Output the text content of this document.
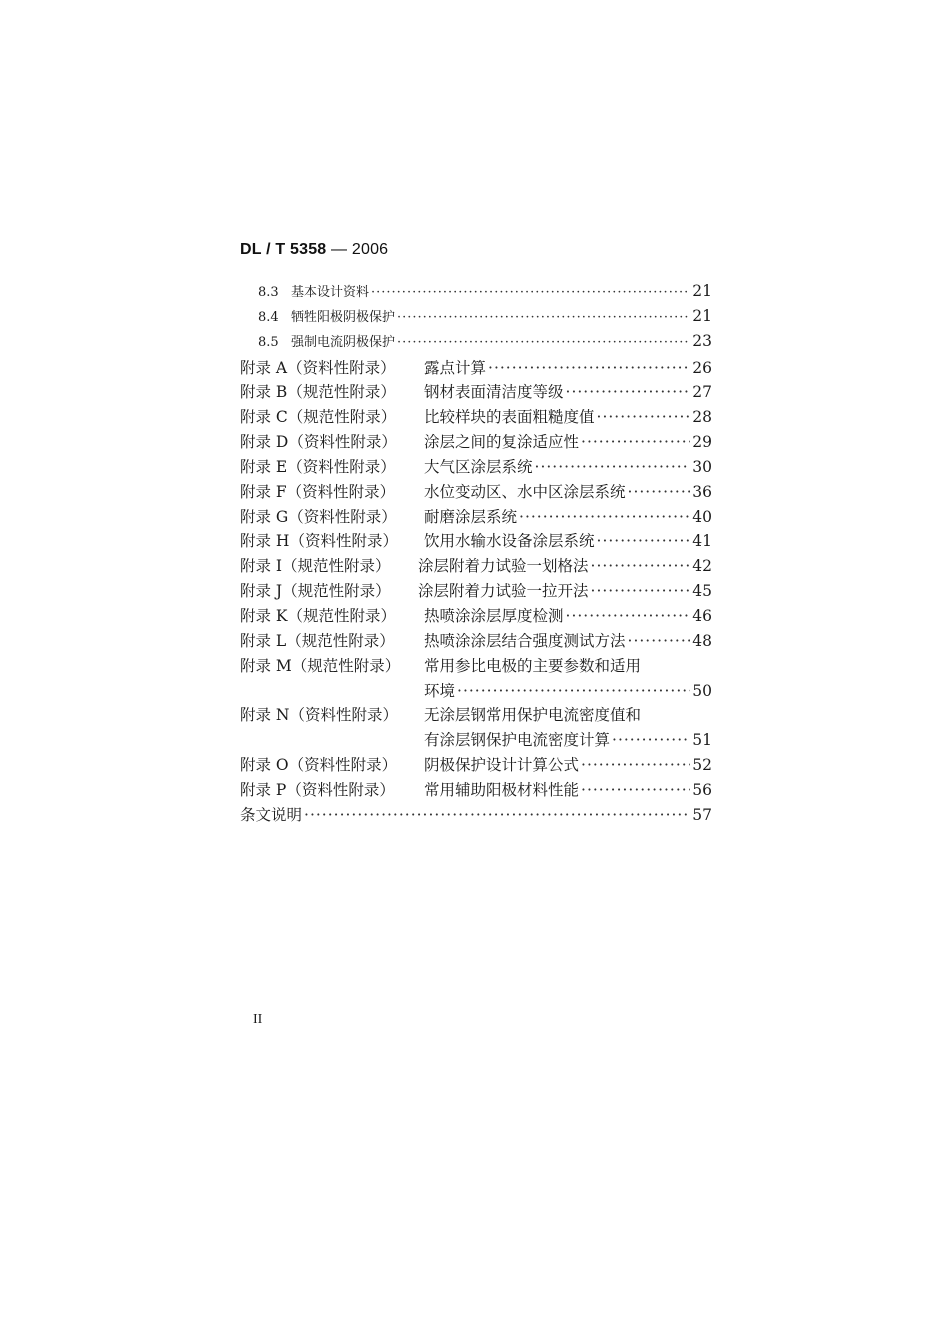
DL / T 5358 — 2006
8.3 基本设计资料 ·····	21
8.4 牺牲阳极阴极保护 ·····	21
8.5 强制电流阴极保护 ·····	23
附录 A（资料性附录）	露点计算 ·····	26
附录 B（规范性附录）	钢材表面清洁度等级 ·····	27
附录 C（规范性附录）	比较样块的表面粗糙度值 ·····	28
附录 D（资料性附录）	涂层之间的复涂适应性 ·····	29
附录 E（资料性附录）	大气区涂层系统 ·····	30
附录 F（资料性附录）	水位变动区、水中区涂层系统 ·····	36
附录 G（资料性附录）	耐磨涂层系统 ·····	40
附录 H（资料性附录）	饮用水输水设备涂层系统 ·····	41
附录 I（规范性附录）	涂层附着力试验一划格法 ·····	42
附录 J（规范性附录）	涂层附着力试验一拉开法 ·····	45
附录 K（规范性附录）	热喷涂涂层厚度检测 ·····	46
附录 L（规范性附录）	热喷涂涂层结合强度测试方法 ·····	48
附录 M（规范性附录）	常用参比电极的主要参数和适用
环境 ·····	50
附录 N（资料性附录）	无涂层钢常用保护电流密度值和
有涂层钢保护电流密度计算 ·····	51
附录 O（资料性附录）	阴极保护设计计算公式 ·····	52
附录 P（资料性附录）	常用辅助阳极材料性能 ·····	56
条文说明 ·····	57
II
